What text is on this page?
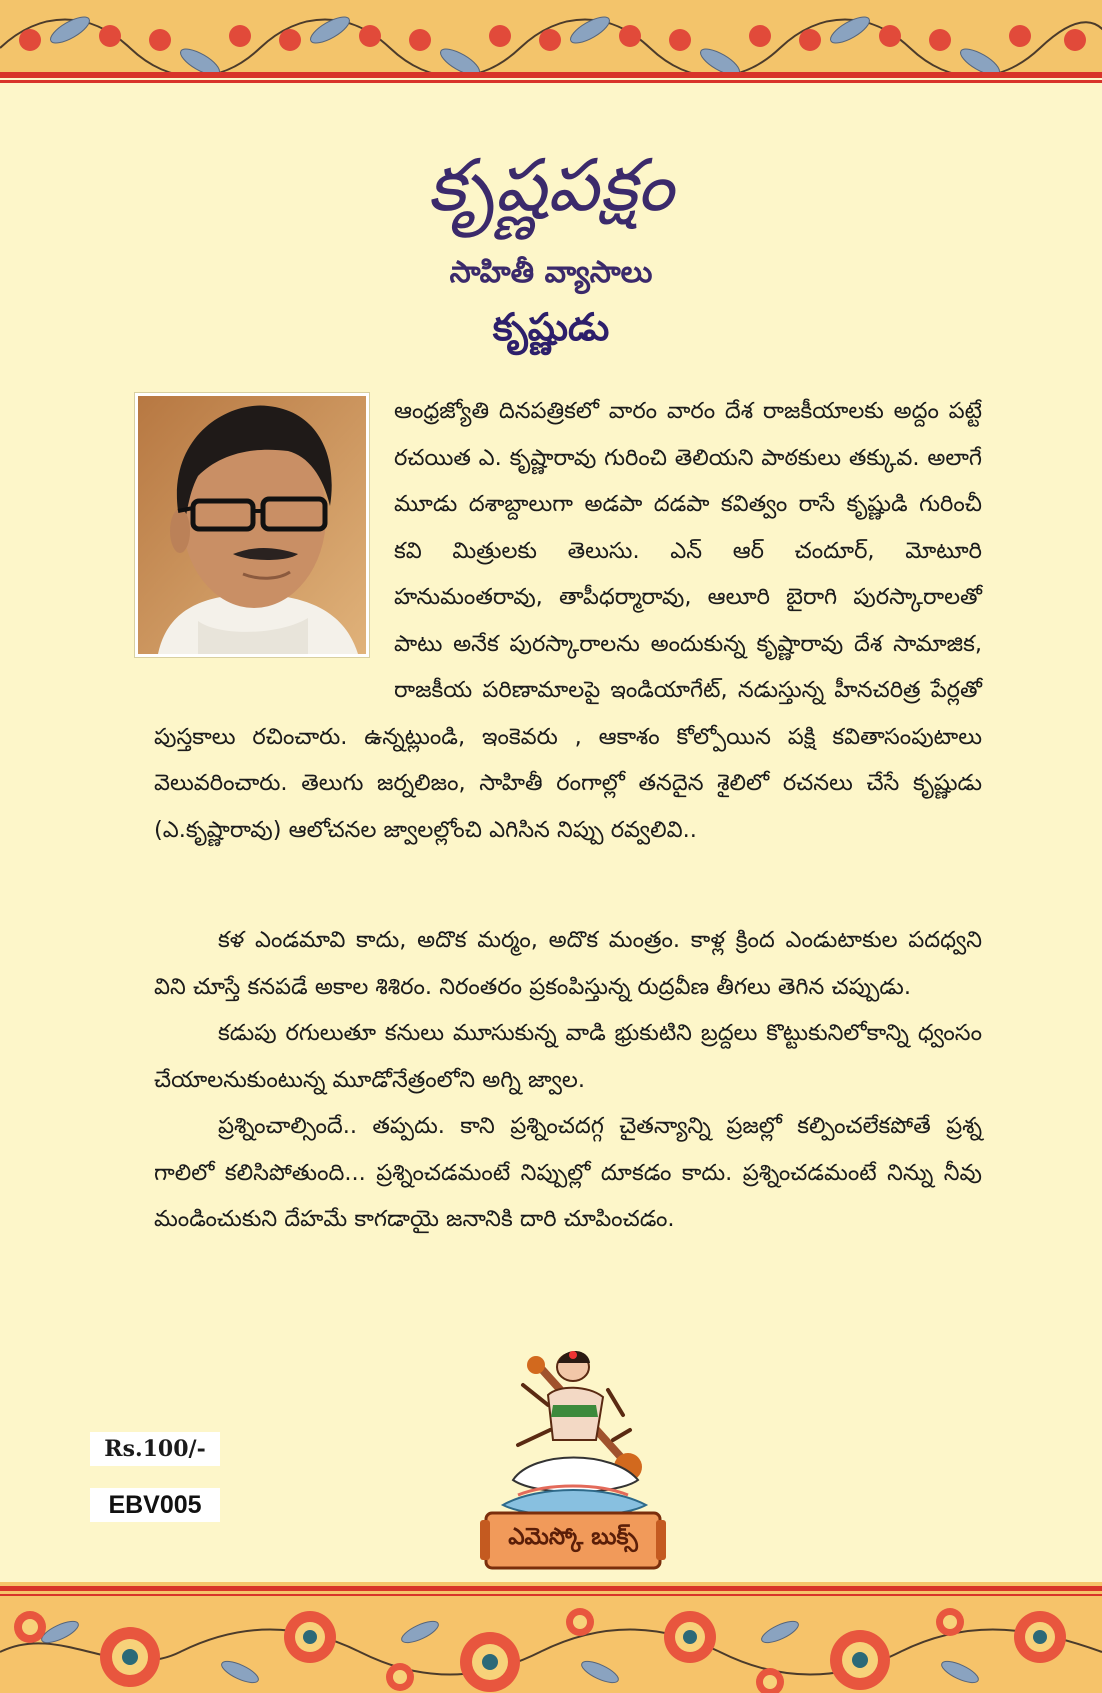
కృష్ణపక్షం
సాహితీ వ్యాసాలు
కృష్ణుడు
ఆంధ్రజ్యోతి దినపత్రికలో వారం వారం దేశ రాజకీయాలకు అద్దం పట్టే రచయిత ఎ. కృష్ణారావు గురించి తెలియని పాఠకులు తక్కువ. అలాగే మూడు దశాబ్దాలుగా అడపా దడపా కవిత్వం రాసే కృష్ణుడి గురించీ కవి మిత్రులకు తెలుసు. ఎన్ ఆర్ చందూర్, మోటూరి హనుమంతరావు, తాపీధర్మారావు, ఆలూరి బైరాగి పురస్కారాలతో పాటు అనేక పురస్కారాలను అందుకున్న కృష్ణారావు దేశ సామాజిక, రాజకీయ పరిణామాలపై ఇండియాగేట్, నడుస్తున్న హీనచరిత్ర పేర్లతో పుస్తకాలు రచించారు. ఉన్నట్లుండి, ఇంకెవరు , ఆకాశం కోల్పోయిన పక్షి కవితాసంపుటాలు వెలువరించారు. తెలుగు జర్నలిజం, సాహితీ రంగాల్లో తనదైన శైలిలో రచనలు చేసే కృష్ణుడు (ఎ.కృష్ణారావు) ఆలోచనల జ్వాలల్లోంచి ఎగిసిన నిప్పు రవ్వలివి..

కళ ఎండమావి కాదు, అదొక మర్మం, అదొక మంత్రం. కాళ్ల క్రింద ఎండుటాకుల పదధ్వని విని చూస్తే కనపడే అకాల శిశిరం. నిరంతరం ప్రకంపిస్తున్న రుద్రవీణ తీగలు తెగిన చప్పుడు.

కడుపు రగులుతూ కనులు మూసుకున్న వాడి భ్రుకుటిని బ్రద్దలు కొట్టుకునిలోకాన్ని ధ్వంసం చేయాలనుకుంటున్న మూడోనేత్రంలోని అగ్ని జ్వాల.

ప్రశ్నించాల్సిందే.. తప్పదు. కాని ప్రశ్నించదగ్గ చైతన్యాన్ని ప్రజల్లో కల్పించలేకపోతే ప్రశ్న గాలిలో కలిసిపోతుంది... ప్రశ్నించడమంటే నిప్పుల్లో దూకడం కాదు. ప్రశ్నించడమంటే నిన్ను నీవు మండించుకుని దేహమే కాగడాయై జనానికి దారి చూపించడం.

Rs.100/-
EBV005
ఎమెస్కో బుక్స్
